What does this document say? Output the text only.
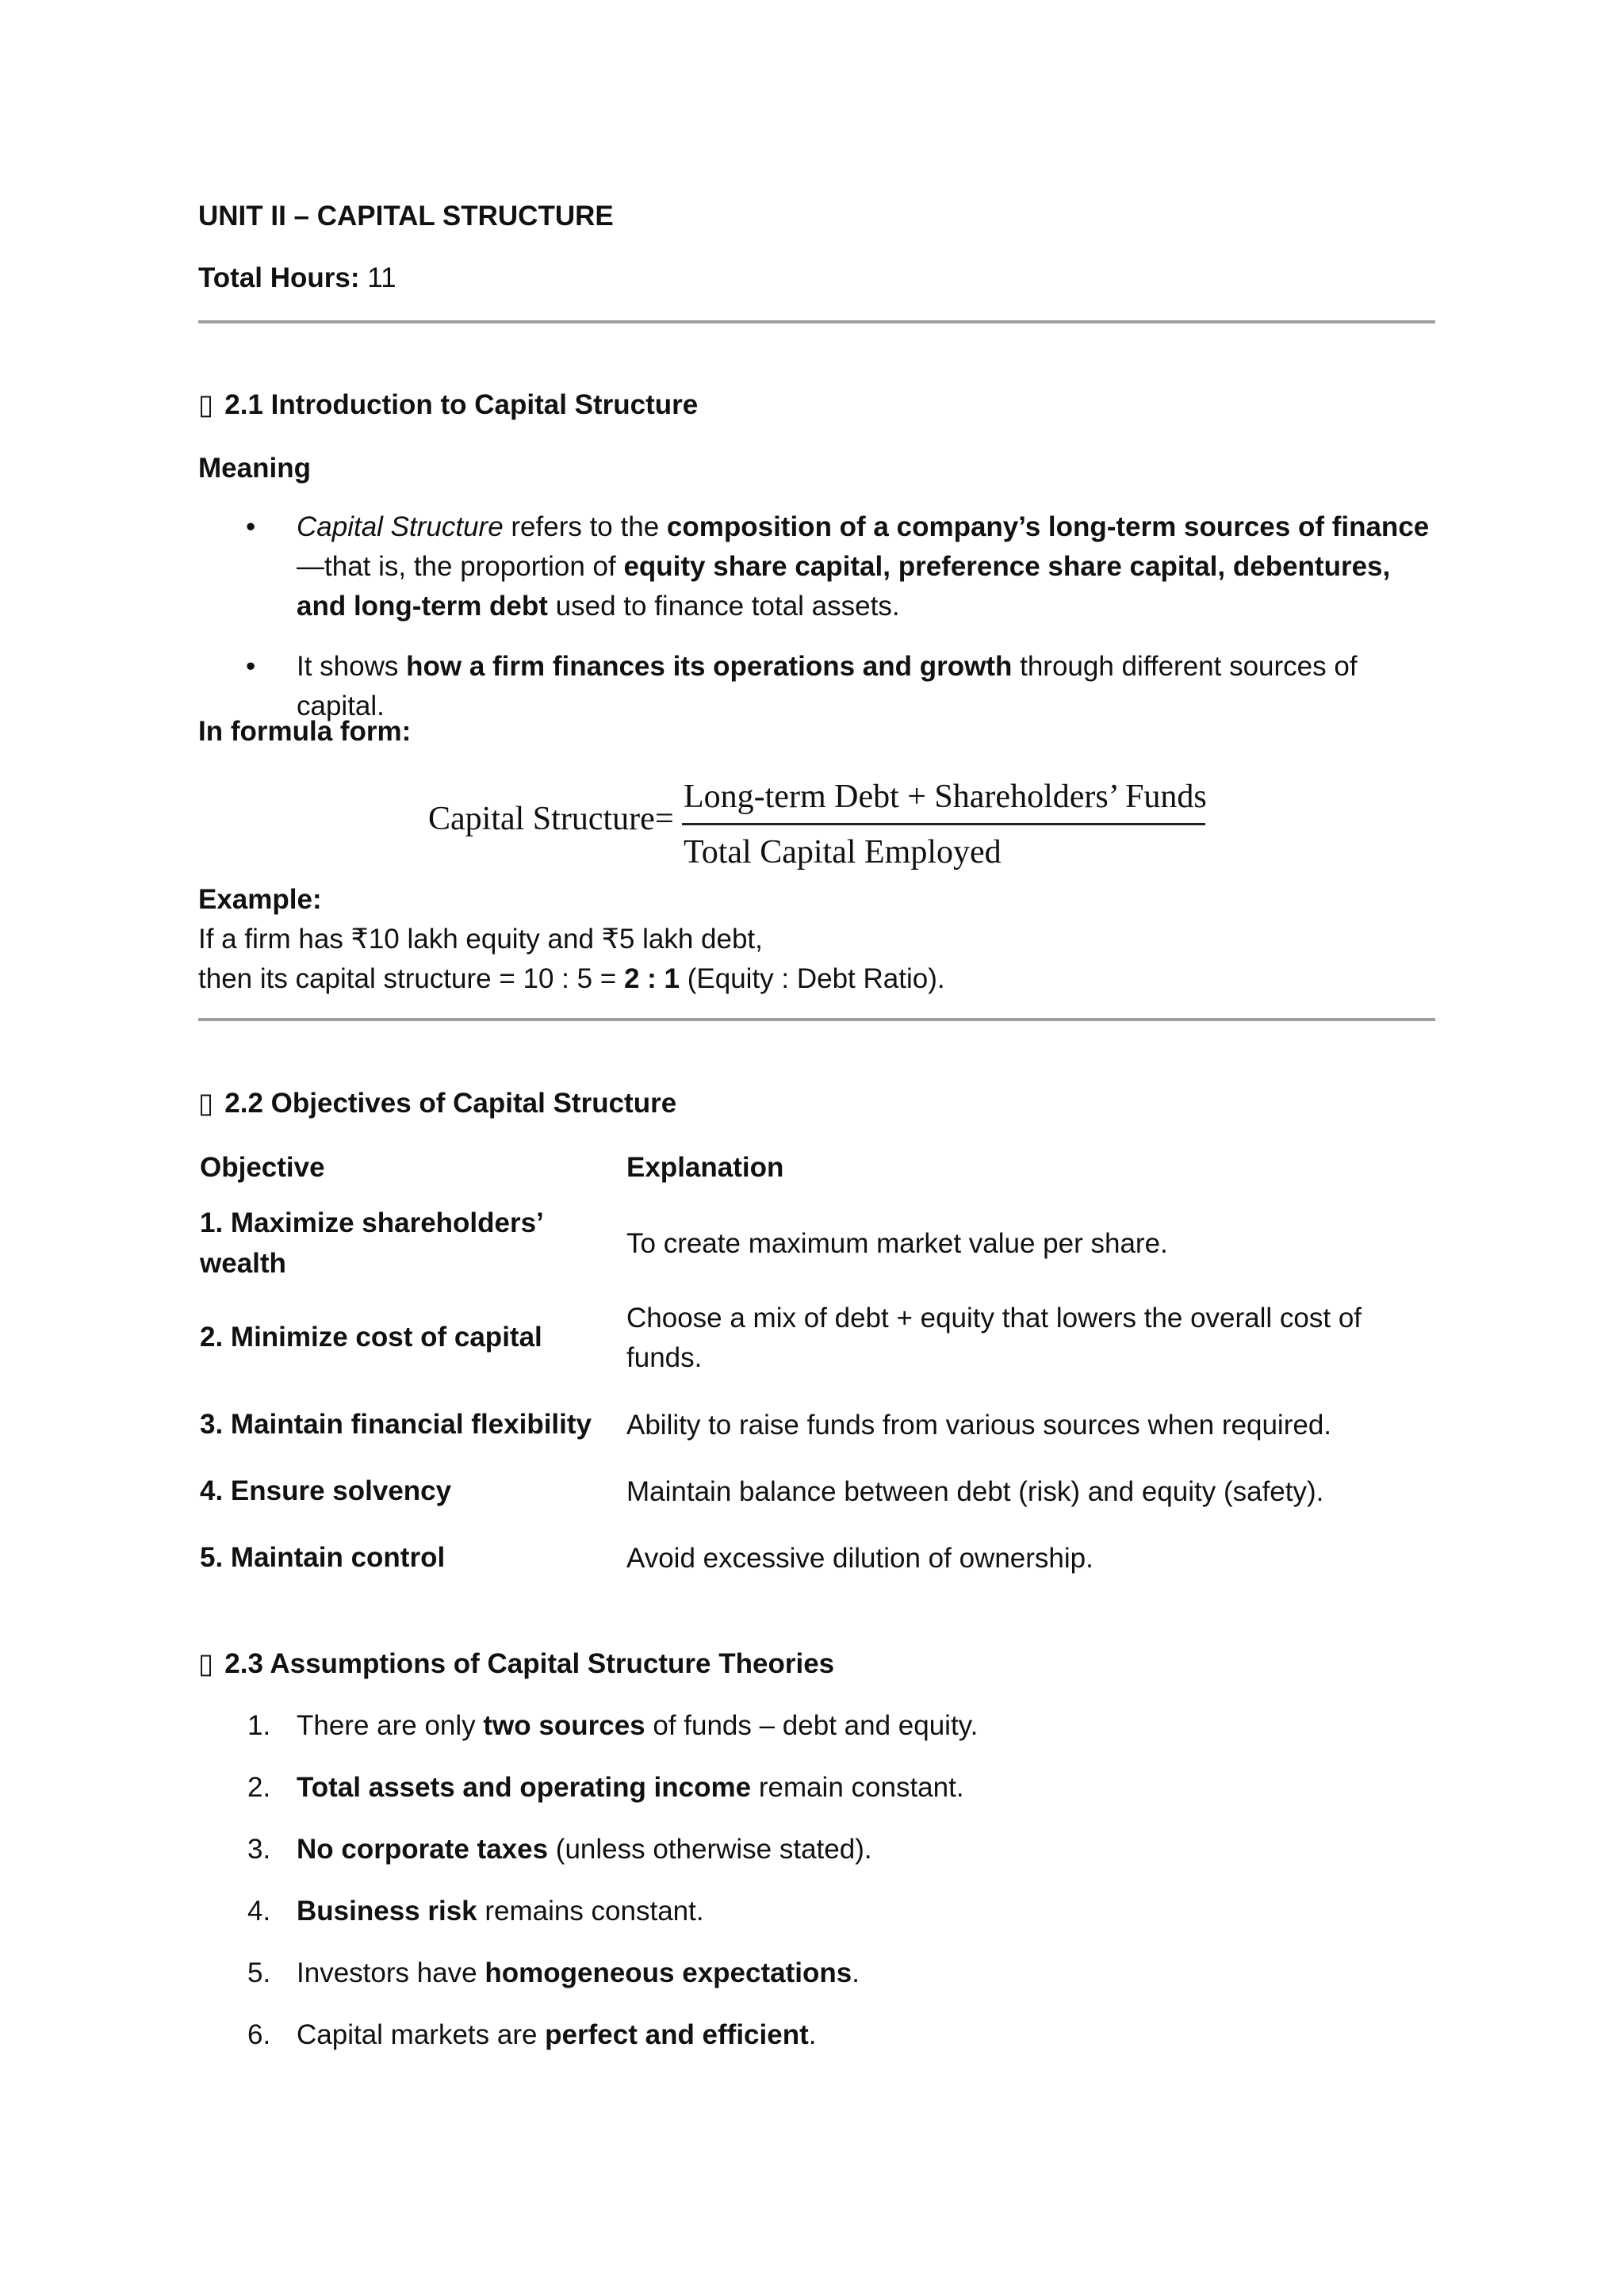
UNIT II – CAPITAL STRUCTURE
Total Hours: 11
▯ 2.1 Introduction to Capital Structure
Meaning
• Capital Structure refers to the composition of a company’s long-term sources of finance—that is, the proportion of equity share capital, preference share capital, debentures, and long-term debt used to finance total assets.
• It shows how a firm finances its operations and growth through different sources of capital.
In formula form:
Capital Structure =
Long-term Debt + Shareholders’ Funds
Total Capital Employed
Example:
If a firm has ₹10 lakh equity and ₹5 lakh debt,
then its capital structure = 10 : 5 = 2 : 1 (Equity : Debt Ratio).
▯ 2.2 Objectives of Capital Structure
Objective	Explanation
1. Maximize shareholders’ wealth	To create maximum market value per share.
2. Minimize cost of capital	Choose a mix of debt + equity that lowers the overall cost of funds.
3. Maintain financial flexibility	Ability to raise funds from various sources when required.
4. Ensure solvency	Maintain balance between debt (risk) and equity (safety).
5. Maintain control	Avoid excessive dilution of ownership.
▯ 2.3 Assumptions of Capital Structure Theories
1. There are only two sources of funds – debt and equity.
2. Total assets and operating income remain constant.
3. No corporate taxes (unless otherwise stated).
4. Business risk remains constant.
5. Investors have homogeneous expectations.
6. Capital markets are perfect and efficient.
